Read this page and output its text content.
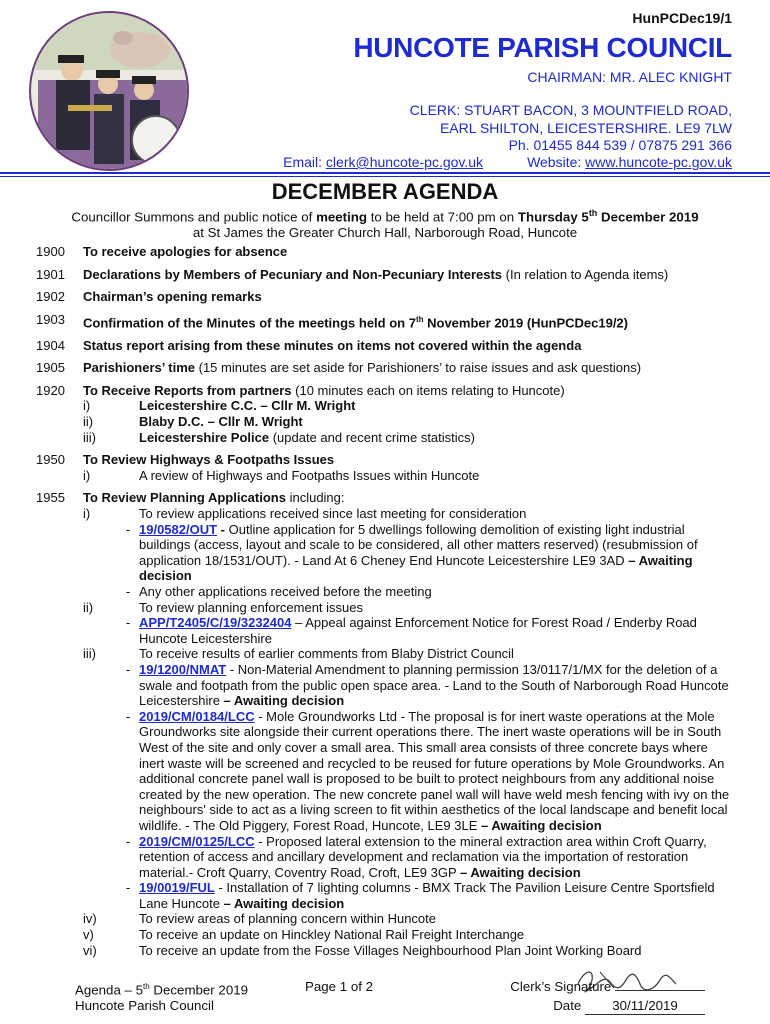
HunPCDec19/1
HUNCOTE PARISH COUNCIL
CHAIRMAN: MR. ALEC KNIGHT
CLERK: STUART BACON, 3 MOUNTFIELD ROAD,
EARL SHILTON, LEICESTERSHIRE. LE9 7LW
Ph. 01455 844 539 / 07875 291 366
Email: clerk@huncote-pc.gov.uk	Website: www.huncote-pc.gov.uk
DECEMBER AGENDA
Councillor Summons and public notice of meeting to be held at 7:00 pm on Thursday 5th December 2019
at St James the Greater Church Hall, Narborough Road, Huncote
1900	To receive apologies for absence
1901	Declarations by Members of Pecuniary and Non-Pecuniary Interests (In relation to Agenda items)
1902	Chairman’s opening remarks
1903	Confirmation of the Minutes of the meetings held on 7th November 2019 (HunPCDec19/2)
1904	Status report arising from these minutes on items not covered within the agenda
1905	Parishioners’ time (15 minutes are set aside for Parishioners’ to raise issues and ask questions)
1920	To Receive Reports from partners (10 minutes each on items relating to Huncote)
i)	Leicestershire C.C. – Cllr M. Wright
ii)	Blaby D.C. – Cllr M. Wright
iii)	Leicestershire Police (update and recent crime statistics)
1950	To Review Highways & Footpaths Issues
i)	A review of Highways and Footpaths Issues within Huncote
1955	To Review Planning Applications including:
i)	To review applications received since last meeting for consideration
- 19/0582/OUT - Outline application for 5 dwellings following demolition of existing light industrial buildings (access, layout and scale to be considered, all other matters reserved) (resubmission of application 18/1531/OUT). - Land At 6 Cheney End Huncote Leicestershire LE9 3AD – Awaiting decision
- Any other applications received before the meeting
ii)	To review planning enforcement issues
- APP/T2405/C/19/3232404 – Appeal against Enforcement Notice for Forest Road / Enderby Road Huncote Leicestershire
iii)	To receive results of earlier comments from Blaby District Council
- 19/1200/NMAT - Non-Material Amendment to planning permission 13/0117/1/MX for the deletion of a swale and footpath from the public open space area. - Land to the South of Narborough Road Huncote Leicestershire – Awaiting decision
- 2019/CM/0184/LCC - Mole Groundworks Ltd - The proposal is for inert waste operations at the Mole Groundworks site alongside their current operations there. The inert waste operations will be in South West of the site and only cover a small area. This small area consists of three concrete bays where inert waste will be screened and recycled to be reused for future operations by Mole Groundworks. An additional concrete panel wall is proposed to be built to protect neighbours from any additional noise created by the new operation. The new concrete panel wall will have weld mesh fencing with ivy on the neighbours' side to act as a living screen to fit within aesthetics of the local landscape and benefit local wildlife. - The Old Piggery, Forest Road, Huncote, LE9 3LE – Awaiting decision
- 2019/CM/0125/LCC - Proposed lateral extension to the mineral extraction area within Croft Quarry, retention of access and ancillary development and reclamation via the importation of restoration material.- Croft Quarry, Coventry Road, Croft, LE9 3GP – Awaiting decision
- 19/0019/FUL - Installation of 7 lighting columns - BMX Track The Pavilion Leisure Centre Sportsfield Lane Huncote – Awaiting decision
iv)	To review areas of planning concern within Huncote
v)	To receive an update on Hinckley National Rail Freight Interchange
vi)	To receive an update from the Fosse Villages Neighbourhood Plan Joint Working Board
Agenda – 5th December 2019	Page 1 of 2	Clerk’s Signature
Huncote Parish Council	Date 30/11/2019
